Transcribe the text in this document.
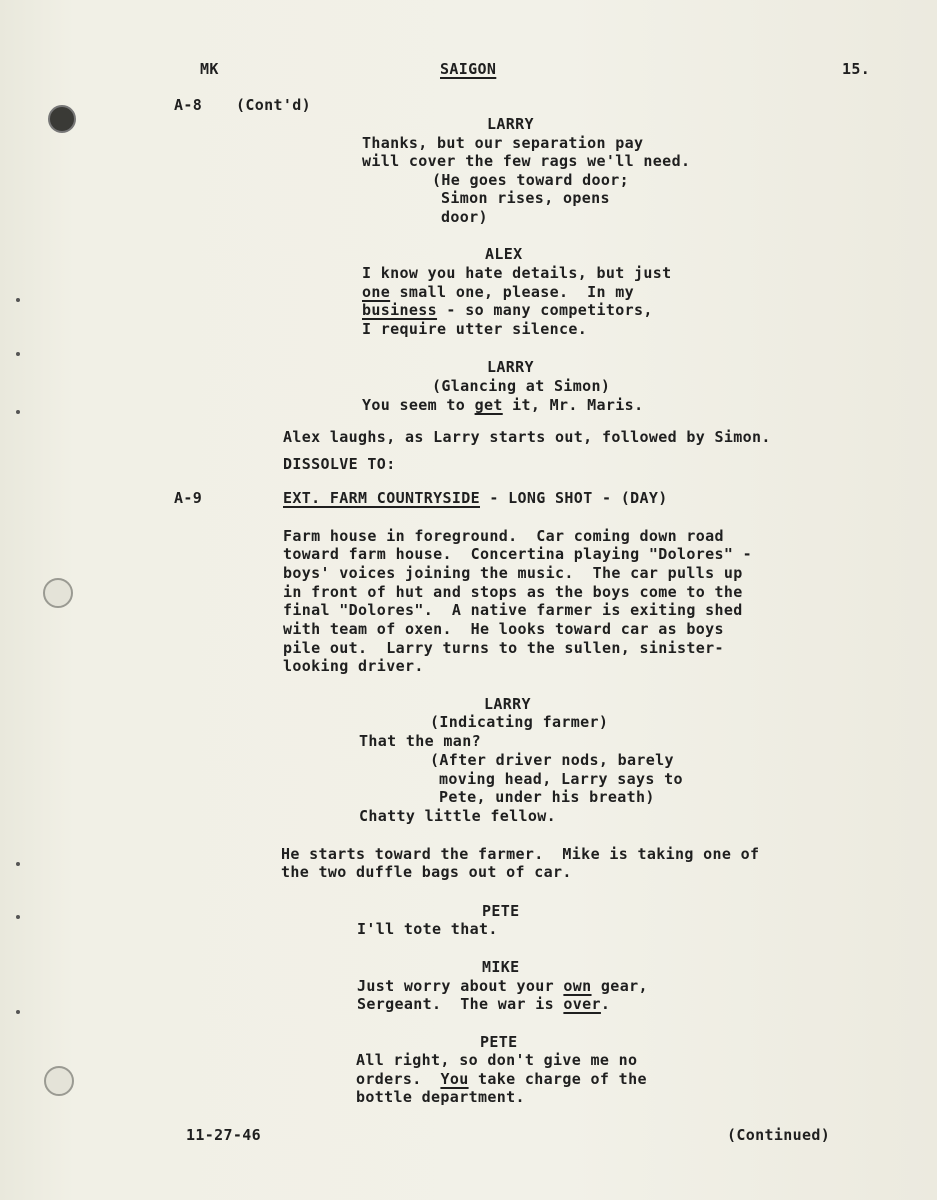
MK	SAIGON	15.
A-8 (Cont'd)
LARRY
Thanks, but our separation pay
will cover the few rags we'll need.
(He goes toward door;
Simon rises, opens
door)
ALEX
I know you hate details, but just
one small one, please.  In my
business - so many competitors,
I require utter silence.
LARRY
(Glancing at Simon)
You seem to get it, Mr. Maris.
Alex laughs, as Larry starts out, followed by Simon.
DISSOLVE TO:
A-9	EXT. FARM COUNTRYSIDE - LONG SHOT - (DAY)
Farm house in foreground.  Car coming down road
toward farm house.  Concertina playing "Dolores" -
boys' voices joining the music.  The car pulls up
in front of hut and stops as the boys come to the
final "Dolores".  A native farmer is exiting shed
with team of oxen.  He looks toward car as boys
pile out.  Larry turns to the sullen, sinister-
looking driver.
LARRY
(Indicating farmer)
That the man?
(After driver nods, barely
moving head, Larry says to
Pete, under his breath)
Chatty little fellow.
He starts toward the farmer.  Mike is taking one of
the two duffle bags out of car.
PETE
I'll tote that.
MIKE
Just worry about your own gear,
Sergeant.  The war is over.
PETE
All right, so don't give me no
orders.  You take charge of the
bottle department.
11-27-46	(Continued)
